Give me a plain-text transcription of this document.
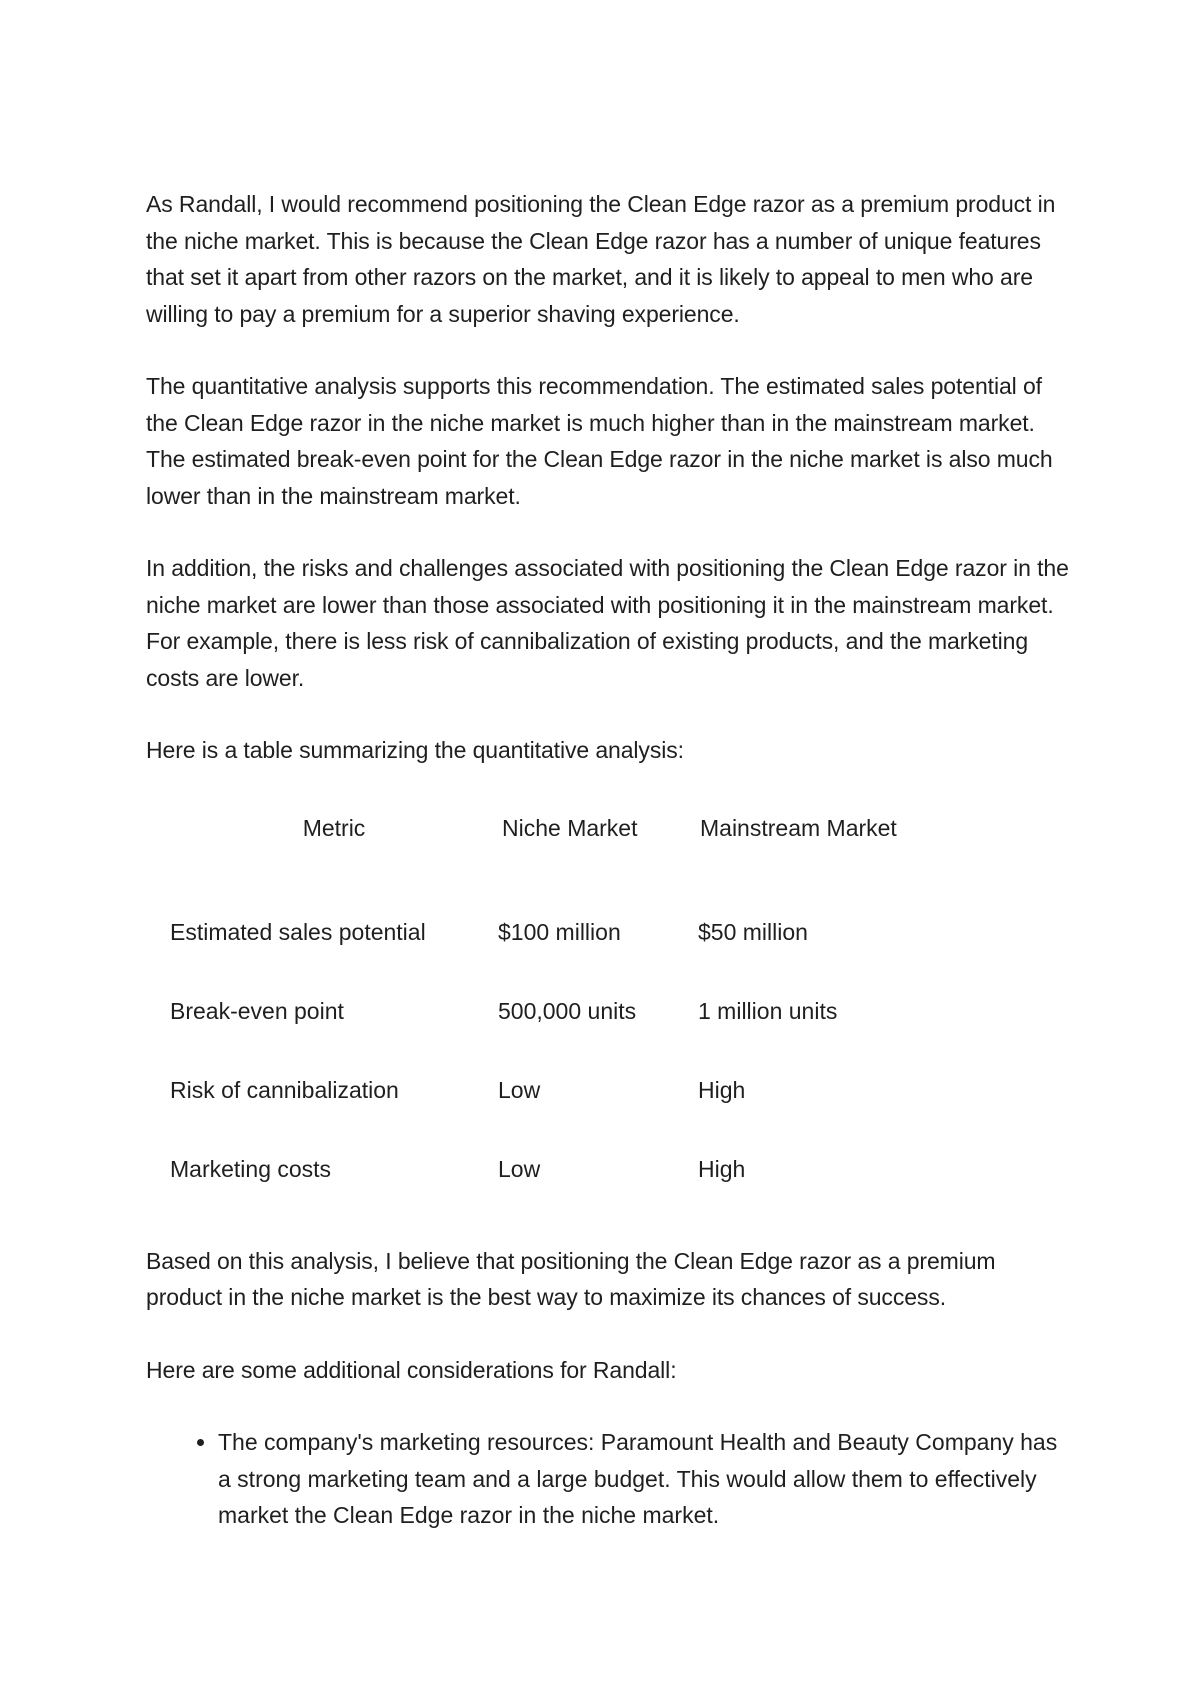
As Randall, I would recommend positioning the Clean Edge razor as a premium product in the niche market. This is because the Clean Edge razor has a number of unique features that set it apart from other razors on the market, and it is likely to appeal to men who are willing to pay a premium for a superior shaving experience.

The quantitative analysis supports this recommendation. The estimated sales potential of the Clean Edge razor in the niche market is much higher than in the mainstream market. The estimated break-even point for the Clean Edge razor in the niche market is also much lower than in the mainstream market.

In addition, the risks and challenges associated with positioning the Clean Edge razor in the niche market are lower than those associated with positioning it in the mainstream market. For example, there is less risk of cannibalization of existing products, and the marketing costs are lower.

Here is a table summarizing the quantitative analysis:

Metric	Niche Market	Mainstream Market
Estimated sales potential	$100 million	$50 million
Break-even point	500,000 units	1 million units
Risk of cannibalization	Low	High
Marketing costs	Low	High

Based on this analysis, I believe that positioning the Clean Edge razor as a premium product in the niche market is the best way to maximize its chances of success.

Here are some additional considerations for Randall:

• The company's marketing resources: Paramount Health and Beauty Company has a strong marketing team and a large budget. This would allow them to effectively market the Clean Edge razor in the niche market.
